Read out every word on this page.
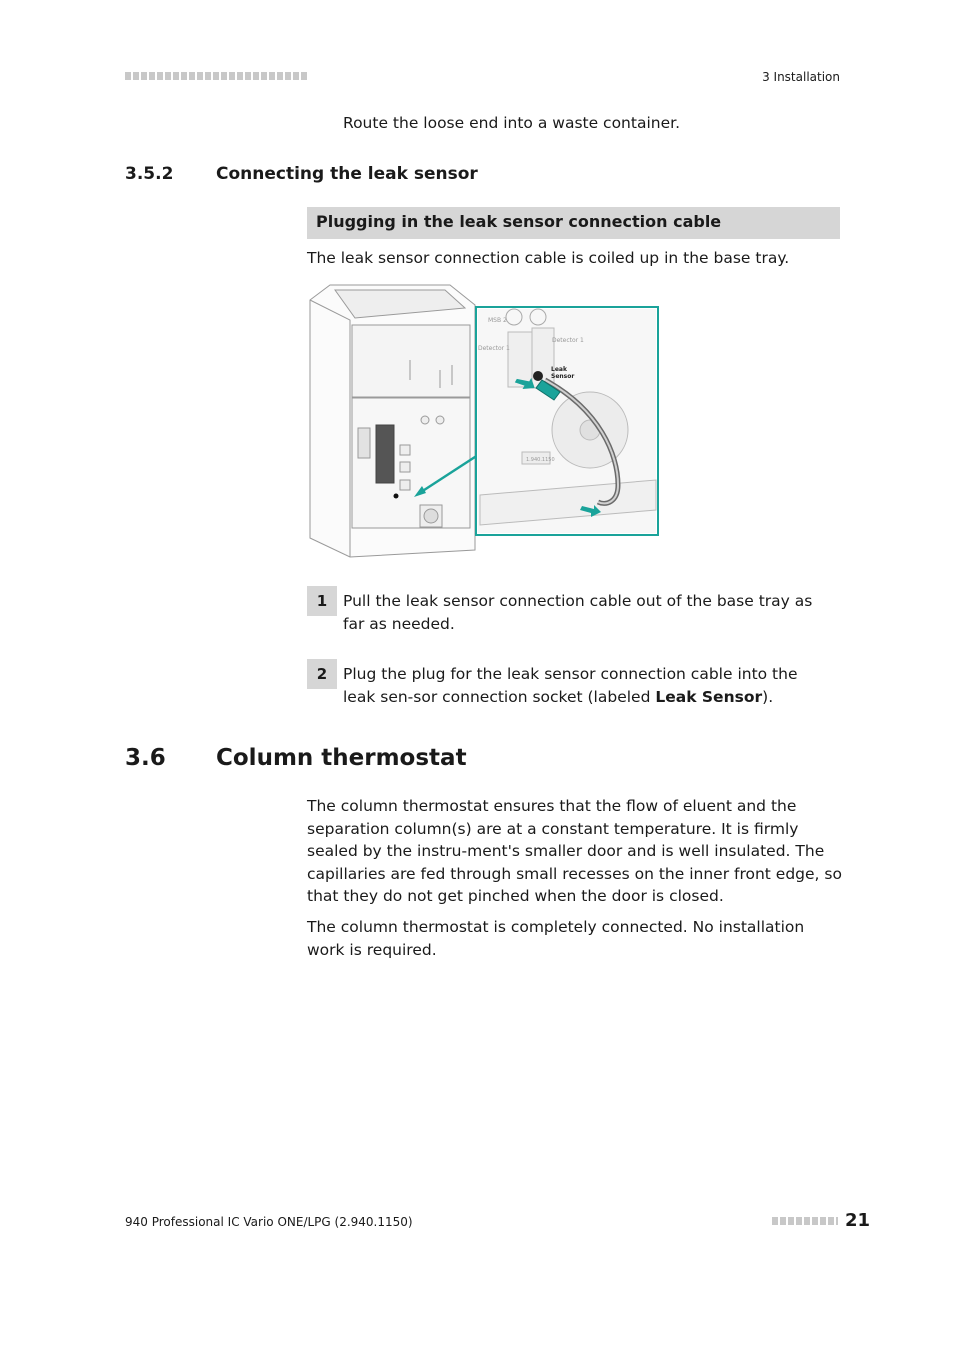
3 Installation
Route the loose end into a waste container.
3.5.2	Connecting the leak sensor
Plugging in the leak sensor connection cable
The leak sensor connection cable is coiled up in the base tray.
MSB 2
Detector 1
Detector 1
Leak
Sensor
1.940.1150
1	Pull the leak sensor connection cable out of the base tray as far as needed.
2	Plug the plug for the leak sensor connection cable into the leak sen-sor connection socket (labeled Leak Sensor).
3.6 Column thermostat
The column thermostat ensures that the flow of eluent and the separation column(s) are at a constant temperature. It is firmly sealed by the instru-ment's smaller door and is well insulated. The capillaries are fed through small recesses on the inner front edge, so that they do not get pinched when the door is closed.
The column thermostat is completely connected. No installation work is required.
940 Professional IC Vario ONE/LPG (2.940.1150)	21
